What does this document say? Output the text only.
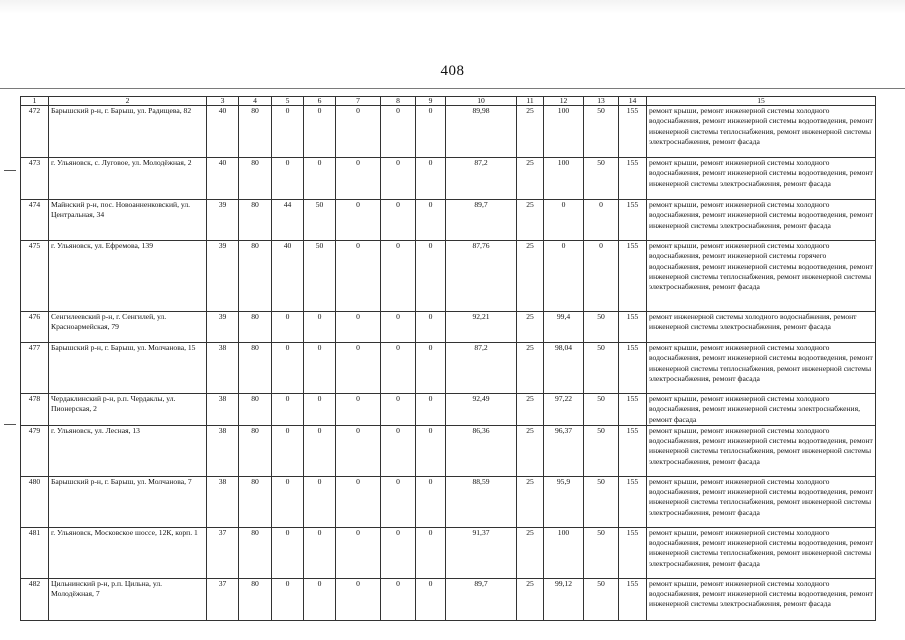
408
1	2	3	4	5	6	7	8	9	10	11	12	13	14	15
472	Барышский р-н, г. Барыш, ул. Радищева, 82	40	80	0	0	0	0	0	89,98	25	100	50	155	ремонт крыши, ремонт инженерной системы холодного водоснабжения, ремонт инженерной системы водоотведения, ремонт инженерной системы теплоснабжения, ремонт инженерной системы электроснабжения, ремонт фасада
473	г. Ульяновск, с. Луговое, ул. Молодёжная, 2	40	80	0	0	0	0	0	87,2	25	100	50	155	ремонт крыши, ремонт инженерной системы холодного водоснабжения, ремонт инженерной системы водоотведения, ремонт инженерной системы электроснабжения, ремонт фасада
474	Майнский р-н, пос. Новоанненковский, ул. Центральная, 34	39	80	44	50	0	0	0	89,7	25	0	0	155	ремонт крыши, ремонт инженерной системы холодного водоснабжения, ремонт инженерной системы водоотведения, ремонт инженерной системы электроснабжения, ремонт фасада
475	г. Ульяновск, ул. Ефремова, 139	39	80	40	50	0	0	0	87,76	25	0	0	155	ремонт крыши, ремонт инженерной системы холодного водоснабжения, ремонт инженерной системы горячего водоснабжения, ремонт инженерной системы водоотведения, ремонт инженерной системы теплоснабжения, ремонт инженерной системы электроснабжения, ремонт фасада
476	Сенгилеевский р-н, г. Сенгилей, ул. Красноармейская, 79	39	80	0	0	0	0	0	92,21	25	99,4	50	155	ремонт инженерной системы холодного водоснабжения, ремонт инженерной системы электроснабжения, ремонт фасада
477	Барышский р-н, г. Барыш, ул. Молчанова, 15	38	80	0	0	0	0	0	87,2	25	98,04	50	155	ремонт крыши, ремонт инженерной системы холодного водоснабжения, ремонт инженерной системы водоотведения, ремонт инженерной системы теплоснабжения, ремонт инженерной системы электроснабжения, ремонт фасада
478	Чердаклинский р-н, р.п. Чердаклы, ул. Пионерская, 2	38	80	0	0	0	0	0	92,49	25	97,22	50	155	ремонт крыши, ремонт инженерной системы холодного водоснабжения, ремонт инженерной системы электроснабжения, ремонт фасада
479	г. Ульяновск, ул. Лесная, 13	38	80	0	0	0	0	0	86,36	25	96,37	50	155	ремонт крыши, ремонт инженерной системы холодного водоснабжения, ремонт инженерной системы водоотведения, ремонт инженерной системы теплоснабжения, ремонт инженерной системы электроснабжения, ремонт фасада
480	Барышский р-н, г. Барыш, ул. Молчанова, 7	38	80	0	0	0	0	0	88,59	25	95,9	50	155	ремонт крыши, ремонт инженерной системы холодного водоснабжения, ремонт инженерной системы водоотведения, ремонт инженерной системы теплоснабжения, ремонт инженерной системы электроснабжения, ремонт фасада
481	г. Ульяновск, Московское шоссе, 12К, корп. 1	37	80	0	0	0	0	0	91,37	25	100	50	155	ремонт крыши, ремонт инженерной системы холодного водоснабжения, ремонт инженерной системы водоотведения, ремонт инженерной системы теплоснабжения, ремонт инженерной системы электроснабжения, ремонт фасада
482	Цильнинский р-н, р.п. Цильна, ул. Молодёжная, 7	37	80	0	0	0	0	0	89,7	25	99,12	50	155	ремонт крыши, ремонт инженерной системы холодного водоснабжения, ремонт инженерной системы водоотведения, ремонт инженерной системы электроснабжения, ремонт фасада
